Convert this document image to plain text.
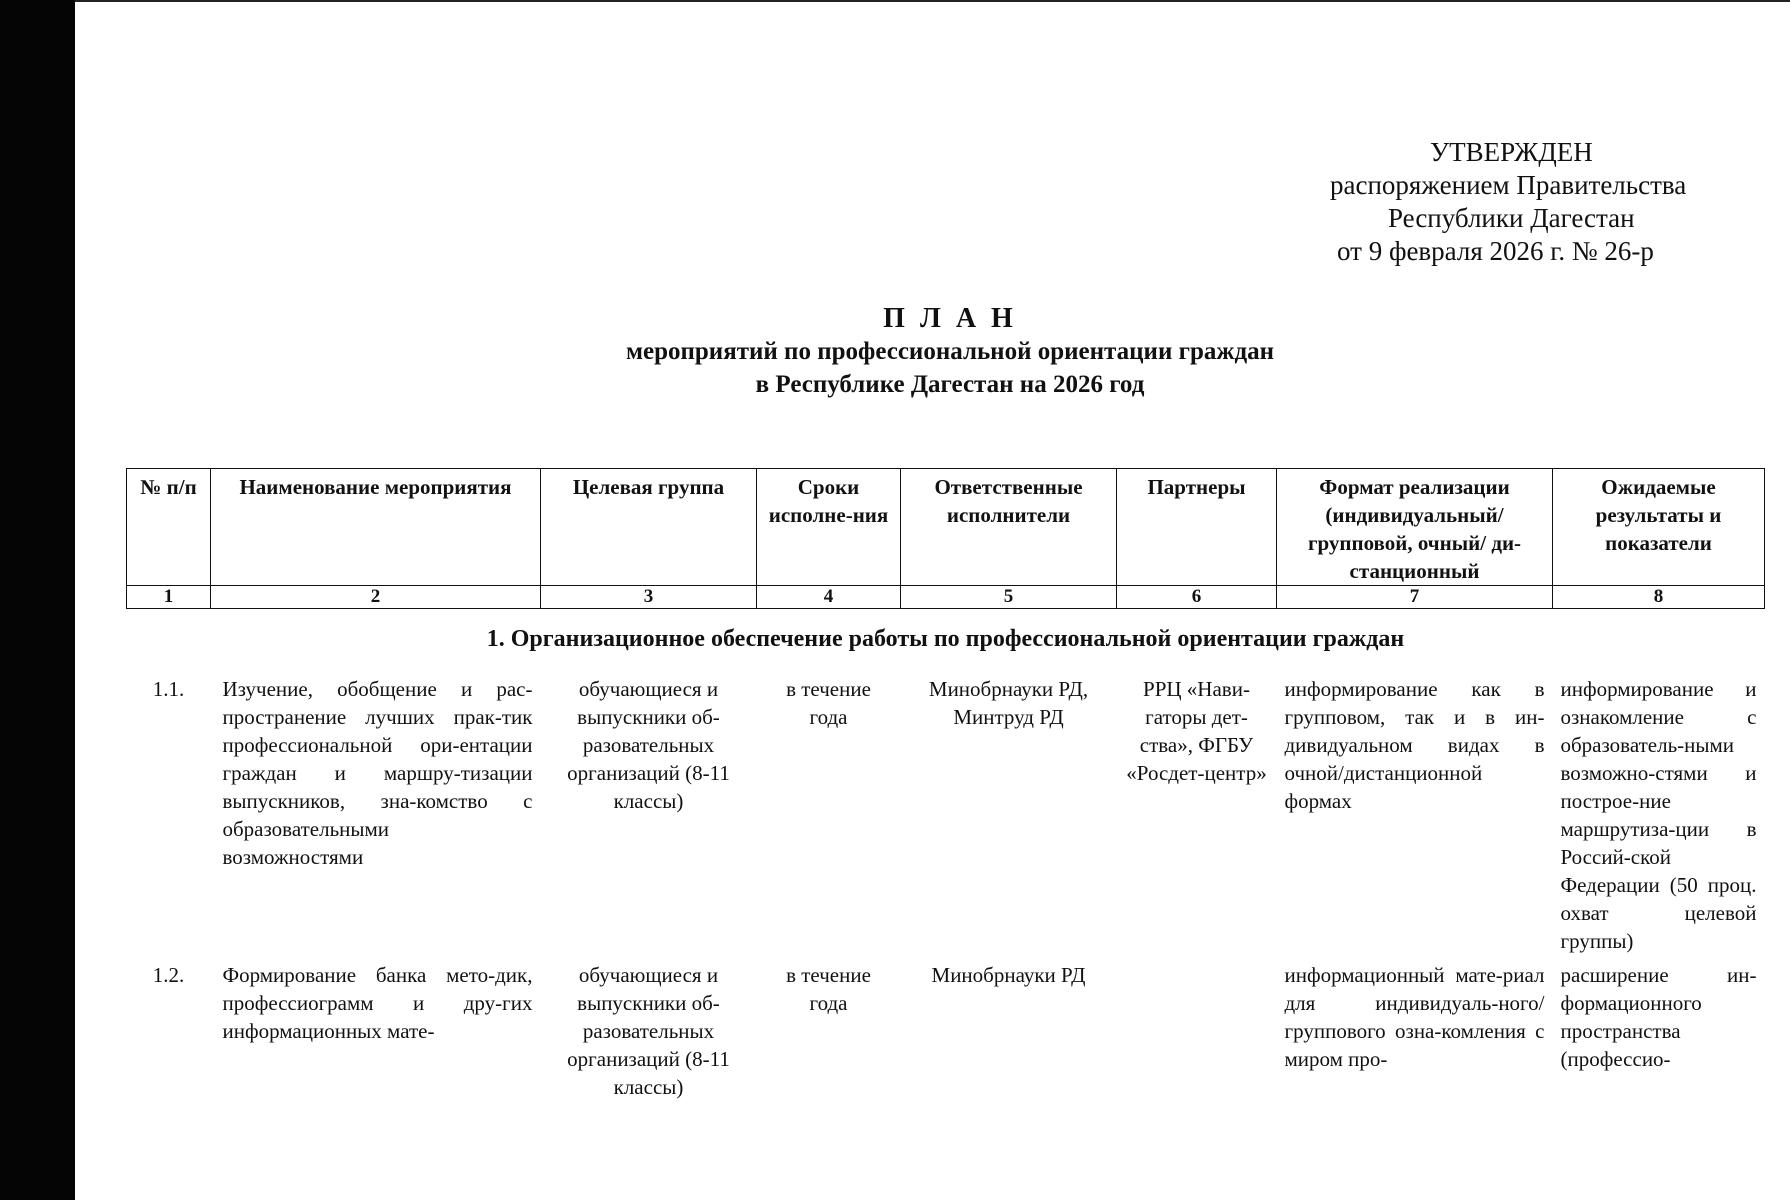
УТВЕРЖДЕН
распоряжением Правительства
Республики Дагестан
от 9 февраля 2026 г. № 26-р
П Л А Н
мероприятий по профессиональной ориентации граждан
в Республике Дагестан на 2026 год
№ п/п	Наименование мероприятия	Целевая группа	Сроки исполне-ния	Ответственные исполнители	Партнеры	Формат реализации (индивидуальный/ групповой, очный/ ди-станционный	Ожидаемые результаты и показатели
1	2	3	4	5	6	7	8
1. Организационное обеспечение работы по профессиональной ориентации граждан							
1.1.	Изучение, обобщение и рас-пространение лучших прак-тик профессиональной ори-ентации граждан и маршру-тизации выпускников, зна-комство с образовательными возможностями	обучающиеся и выпускники об-разовательных организаций (8-11 классы)	в течение года	Минобрнауки РД, Минтруд РД	РРЦ «Нави-гаторы дет-ства», ФГБУ «Росдет-центр»	информирование как в групповом, так и в ин-дивидуальном видах в очной/дистанционной формах	информирование и ознакомление с образователь-ными возможно-стями и построе-ние маршрутиза-ции в Россий-ской Федерации (50 проц. охват целевой группы)
1.2.	Формирование банка мето-дик, профессиограмм и дру-гих информационных мате-	обучающиеся и выпускники об-разовательных организаций (8-11 классы)	в течение года	Минобрнауки РД		информационный мате-риал для индивидуаль-ного/группового озна-комления с миром про-	расширение ин-формационного пространства (профессио-
